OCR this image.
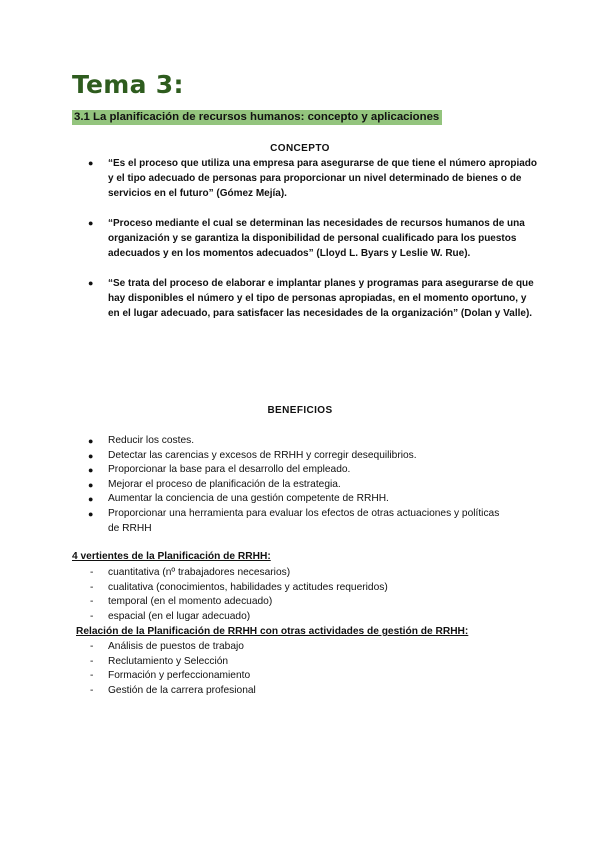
Tema 3:
3.1 La planificación de recursos humanos: concepto y aplicaciones
CONCEPTO
● “Es el proceso que utiliza una empresa para asegurarse de que tiene el número apropiado y el tipo adecuado de personas para proporcionar un nivel determinado de bienes o de servicios en el futuro” (Gómez Mejía).
● “Proceso mediante el cual se determinan las necesidades de recursos humanos de una organización y se garantiza la disponibilidad de personal cualificado para los puestos adecuados y en los momentos adecuados” (Lloyd L. Byars y Leslie W. Rue).
● “Se trata del proceso de elaborar e implantar planes y programas para asegurarse de que hay disponibles el número y el tipo de personas apropiadas, en el momento oportuno, y en el lugar adecuado, para satisfacer las necesidades de la organización” (Dolan y Valle).
BENEFICIOS
● Reducir los costes.
● Detectar las carencias y excesos de RRHH y corregir desequilibrios.
● Proporcionar la base para el desarrollo del empleado.
● Mejorar el proceso de planificación de la estrategia.
● Aumentar la conciencia de una gestión competente de RRHH.
● Proporcionar una herramienta para evaluar los efectos de otras actuaciones y políticas de RRHH
4 vertientes de la Planificación de RRHH:
- cuantitativa (nº trabajadores necesarios)
- cualitativa (conocimientos, habilidades y actitudes requeridos)
- temporal (en el momento adecuado)
- espacial (en el lugar adecuado)
Relación de la Planificación de RRHH con otras actividades de gestión de RRHH:
- Análisis de puestos de trabajo
- Reclutamiento y Selección
- Formación y perfeccionamiento
- Gestión de la carrera profesional
